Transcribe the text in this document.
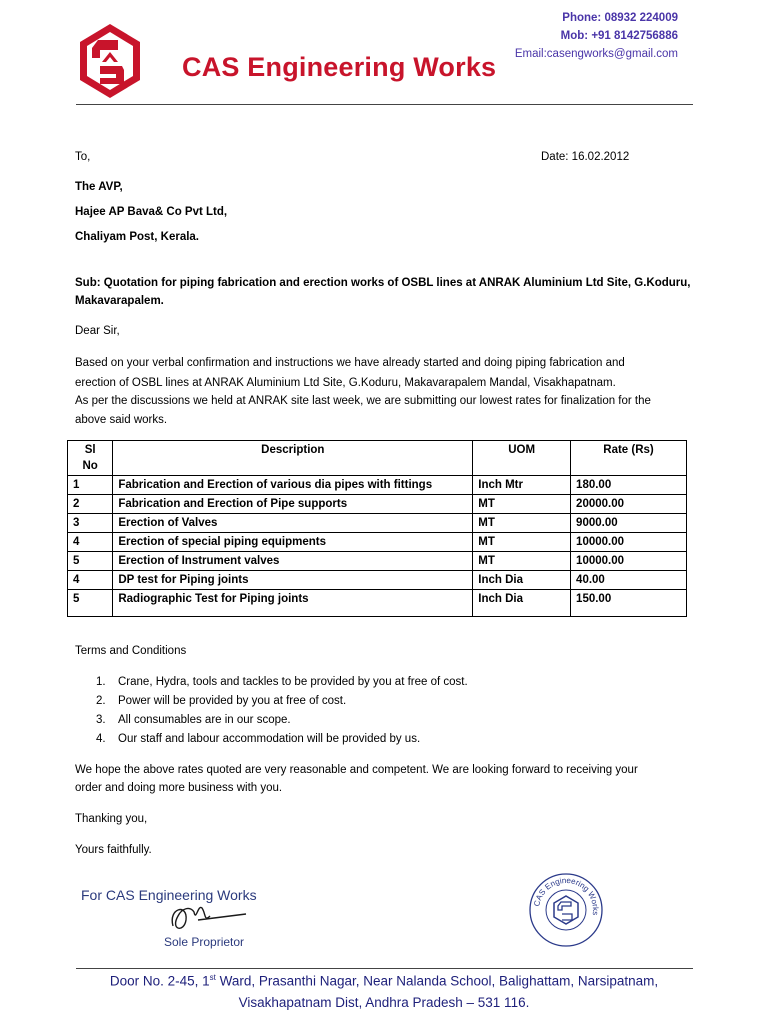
CAS Engineering Works
Phone: 08932 224009
Mob: +91 8142756886
Email:casengworks@gmail.com
To,	Date: 16.02.2012
The AVP,
Hajee AP Bava& Co Pvt Ltd,
Chaliyam Post, Kerala.
Sub: Quotation for piping fabrication and erection works of OSBL lines at ANRAK Aluminium Ltd Site, G.Koduru,
Makavarapalem.
Dear Sir,
Based on your verbal confirmation and instructions we have already started and doing piping fabrication and
erection of OSBL lines at ANRAK Aluminium Ltd Site, G.Koduru, Makavarapalem Mandal, Visakhapatnam.
As per the discussions we held at ANRAK site last week, we are submitting our lowest rates for finalization for the
above said works.
Sl
No	Description	UOM	Rate (Rs)
1	Fabrication and Erection of various dia pipes with fittings	Inch Mtr	180.00
2	Fabrication and Erection of Pipe supports	MT	20000.00
3	Erection of Valves	MT	9000.00
4	Erection of special piping equipments	MT	10000.00
5	Erection of Instrument valves	MT	10000.00
4	DP test for Piping joints	Inch Dia	40.00
5	Radiographic Test for Piping joints	Inch Dia	150.00
Terms and Conditions
1. Crane, Hydra, tools and tackles to be provided by you at free of cost.
2. Power will be provided by you at free of cost.
3. All consumables are in our scope.
4. Our staff and labour accommodation will be provided by us.
We hope the above rates quoted are very reasonable and competent. We are looking forward to receiving your
order and doing more business with you.
Thanking you,
Yours faithfully.
For CAS Engineering Works
Sole Proprietor
CAS Engineering Works
Door No. 2-45, 1st Ward, Prasanthi Nagar, Near Nalanda School, Balighattam, Narsipatnam,
Visakhapatnam Dist, Andhra Pradesh – 531 116.
